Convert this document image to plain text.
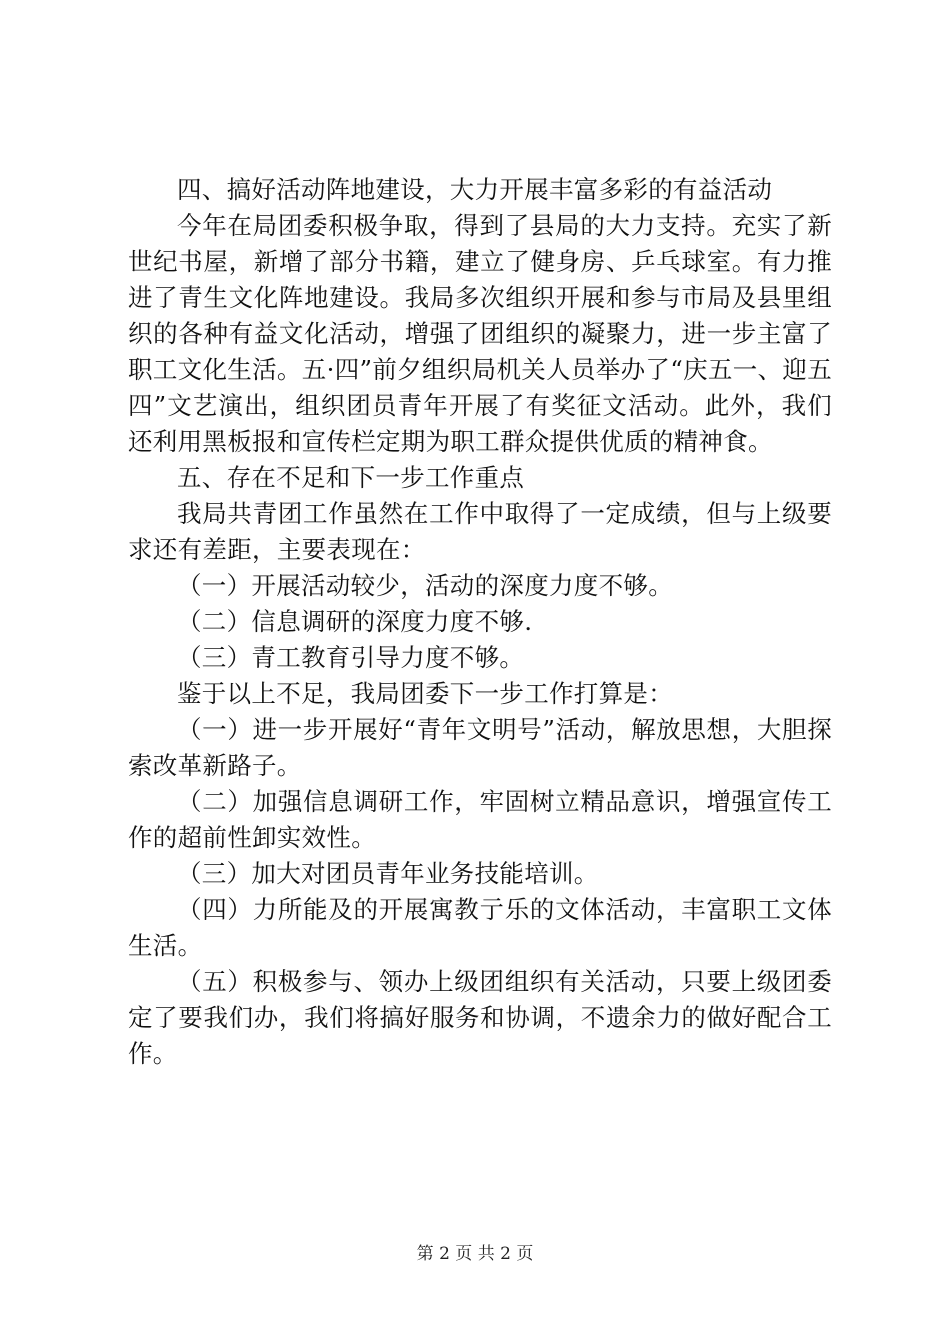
四、搞好活动阵地建设，大力开展丰富多彩的有益活动

今年在局团委积极争取，得到了县局的大力支持。充实了新世纪书屋，新增了部分书籍，建立了健身房、乒乓球室。有力推进了青生文化阵地建设。我局多次组织开展和参与市局及县里组织的各种有益文化活动，增强了团组织的凝聚力，进一步主富了职工文化生活。五·四”前夕组织局机关人员举办了“庆五一、迎五四”文艺演出，组织团员青年开展了有奖征文活动。此外，我们还利用黑板报和宣传栏定期为职工群众提供优质的精神食。

五、存在不足和下一步工作重点

我局共青团工作虽然在工作中取得了一定成绩，但与上级要求还有差距，主要表现在：

（一）开展活动较少，活动的深度力度不够。

（二）信息调研的深度力度不够.

（三）青工教育引导力度不够。

鉴于以上不足，我局团委下一步工作打算是：

（一）进一步开展好“青年文明号”活动，解放思想，大胆探索改革新路子。

（二）加强信息调研工作，牢固树立精品意识，增强宣传工作的超前性卸实效性。

（三）加大对团员青年业务技能培训。

（四）力所能及的开展寓教亍乐的文体活动，丰富职工文体生活。

（五）积极参与、领办上级团组织有关活动，只要上级团委定了要我们办，我们将搞好服务和协调，不遗余力的做好配合工作。

第 2 页 共 2 页
